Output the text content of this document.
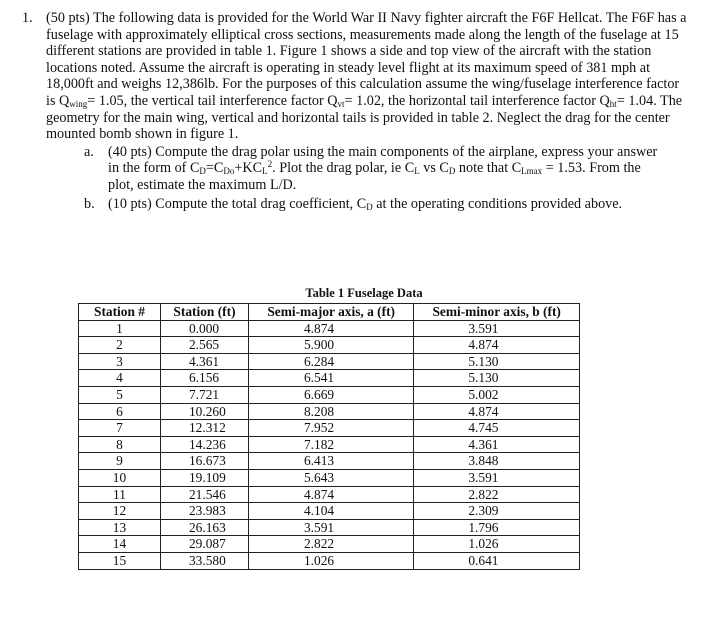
1. (50 pts) The following data is provided for the World War II Navy fighter aircraft the F6F Hellcat. The F6F has a fuselage with approximately elliptical cross sections, measurements made along the length of the fuselage at 15 different stations are provided in table 1. Figure 1 shows a side and top view of the aircraft with the station locations noted. Assume the aircraft is operating in steady level flight at its maximum speed of 381 mph at 18,000ft and weighs 12,386lb. For the purposes of this calculation assume the wing/fuselage interference factor is $Q_{wing}= 1.05$, the vertical tail interference factor $Q_{vt}= 1.02$, the horizontal tail interference factor $Q_{ht}= 1.04$. The geometry for the main wing, vertical and horizontal tails is provided in table 2. Neglect the drag for the center mounted bomb shown in figure 1.
a. (40 pts) Compute the drag polar using the main components of the airplane, express your answer in the form of $C_D=C_{Do}+KC_L^2$. Plot the drag polar, ie $C_L$ vs $C_D$ note that $C_{Lmax} = 1.53$. From the plot, estimate the maximum L/D.
b. (10 pts) Compute the total drag coefficient, $C_D$ at the operating conditions provided above.
Table 1 Fuselage Data
Station #	Station (ft)	Semi-major axis, a (ft)	Semi-minor axis, b (ft)
1	0.000	4.874	3.591
2	2.565	5.900	4.874
3	4.361	6.284	5.130
4	6.156	6.541	5.130
5	7.721	6.669	5.002
6	10.260	8.208	4.874
7	12.312	7.952	4.745
8	14.236	7.182	4.361
9	16.673	6.413	3.848
10	19.109	5.643	3.591
11	21.546	4.874	2.822
12	23.983	4.104	2.309
13	26.163	3.591	1.796
14	29.087	2.822	1.026
15	33.580	1.026	0.641
